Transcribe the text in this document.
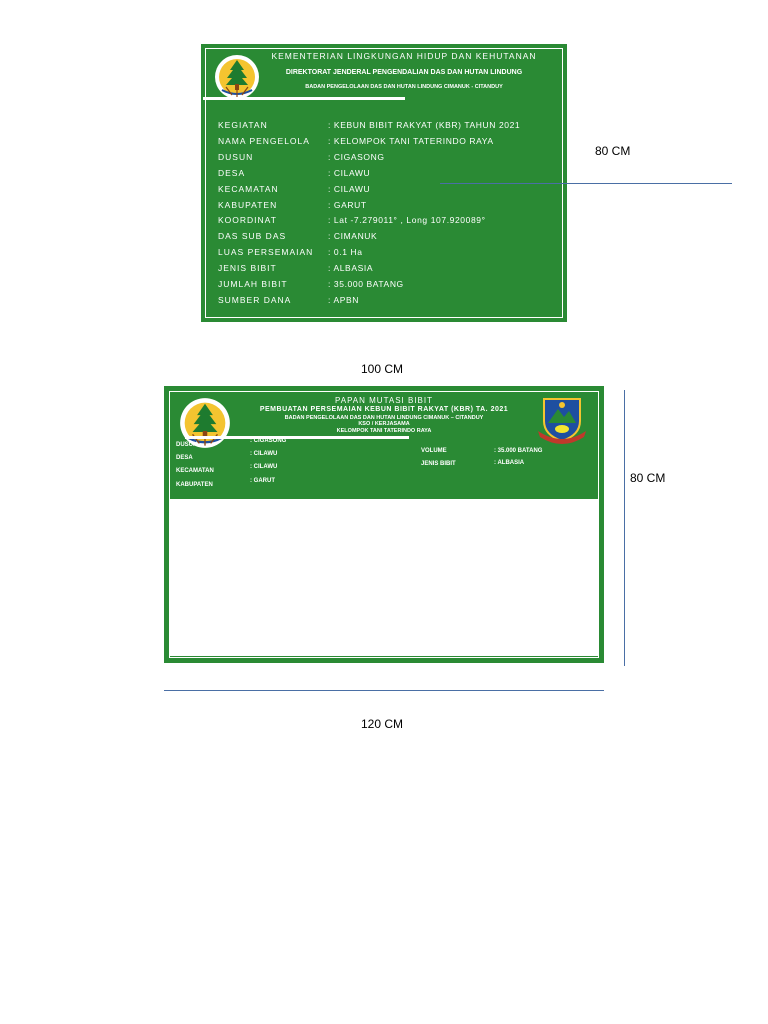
KEMENTERIAN LINGKUNGAN HIDUP DAN KEHUTANAN
DIREKTORAT JENDERAL PENGENDALIAN DAS DAN HUTAN LINDUNG
BADAN PENGELOLAAN DAS DAN HUTAN LINDUNG CIMANUK - CITANDUY
KEGIATAN	: KEBUN BIBIT RAKYAT (KBR) TAHUN 2021
NAMA PENGELOLA : KELOMPOK TANI TATERINDO RAYA
DUSUN	: CIGASONG
DESA	: CILAWU
KECAMATAN	: CILAWU
KABUPATEN	: GARUT
KOORDINAT	: Lat -7.279011° , Long 107.920089°
DAS SUB DAS	: CIMANUK
LUAS PERSEMAIAN : 0.1 Ha
JENIS BIBIT	: ALBASIA
JUMLAH BIBIT	: 35.000 BATANG
SUMBER DANA	: APBN
80 CM
100 CM
PAPAN MUTASI BIBIT
PEMBUATAN PERSEMAIAN KEBUN BIBIT RAKYAT (KBR) TA. 2021
BADAN PENGELOLAAN DAS DAN HUTAN LINDUNG CIMANUK – CITANDUY
KSO / KERJASAMA
KELOMPOK TANI TATERINDO RAYA
DUSUN
: CIGASONG
DESA
: CILAWU
KECAMATAN
: CILAWU
KABUPATEN
: GARUT
VOLUME	: 35.000 BATANG
JENIS BIBIT	: ALBASIA
80 CM
120 CM
